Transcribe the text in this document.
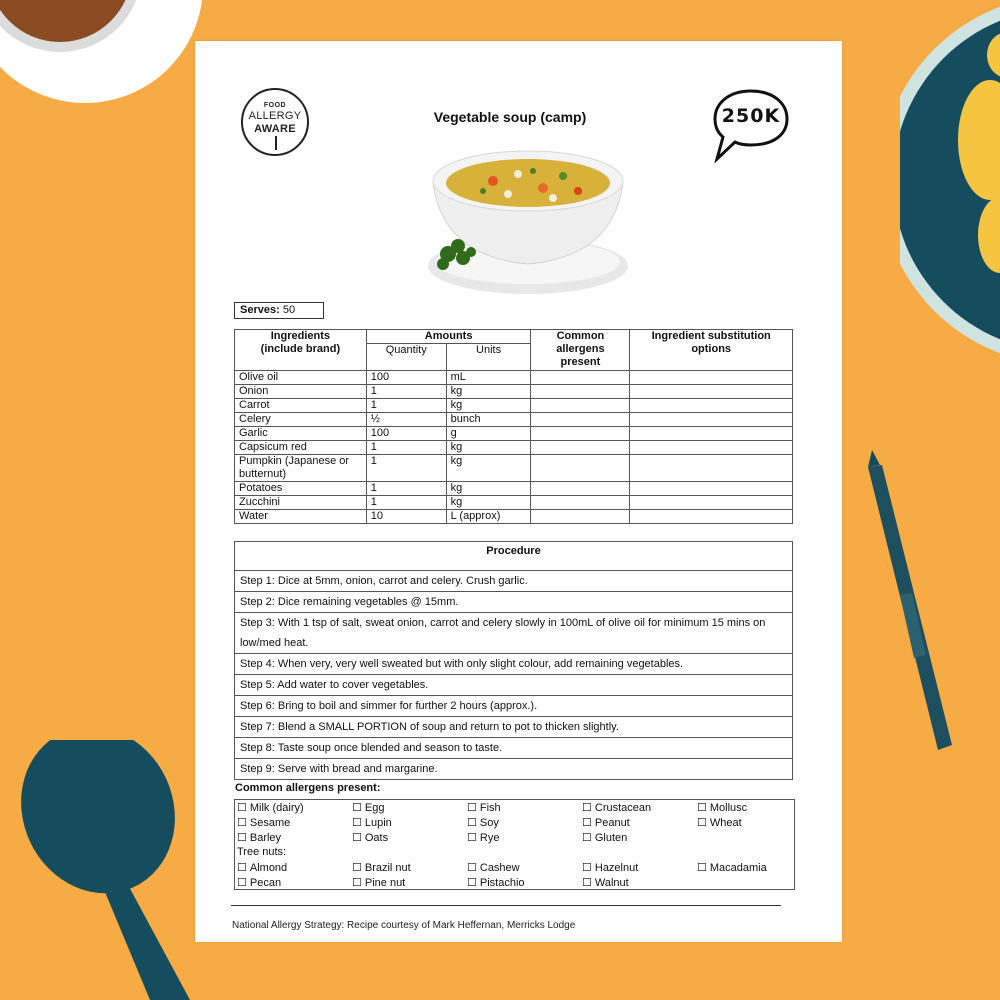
FOOD
ALLERGY
AWARE
Vegetable soup (camp)	250K
Serves: 50
Ingredients (include brand)	Amounts		Common allergens present	Ingredient substitution options
	Quantity	Units		
Olive oil	100	mL		
Onion	1	kg		
Carrot	1	kg		
Celery	½	bunch		
Garlic	100	g		
Capsicum red	1	kg		
Pumpkin (Japanese or butternut)	1	kg		
Potatoes	1	kg		
Zucchini	1	kg		
Water	10	L (approx)		
Procedure
Step 1: Dice at 5mm, onion, carrot and celery. Crush garlic.
Step 2: Dice remaining vegetables @ 15mm.
Step 3: With 1 tsp of salt, sweat onion, carrot and celery slowly in 100mL of olive oil for minimum 15 mins on low/med heat.
Step 4: When very, very well sweated but with only slight colour, add remaining vegetables.
Step 5: Add water to cover vegetables.
Step 6: Bring to boil and simmer for further 2 hours (approx.).
Step 7: Blend a SMALL PORTION of soup and return to pot to thicken slightly.
Step 8: Taste soup once blended and season to taste.
Step 9: Serve with bread and margarine.
Common allergens present:
☐ Milk (dairy)	☐ Egg	☐ Fish	☐ Crustacean	☐ Mollusc
☐ Sesame	☐ Lupin	☐ Soy	☐ Peanut	☐ Wheat
☐ Barley	☐ Oats	☐ Rye	☐ Gluten
☐ Almond	☐ Brazil nut	☐ Cashew	☐ Hazelnut	☐ Macadamia
☐ Pecan	☐ Pine nut	☐ Pistachio	☐ Walnut
Tree nuts:
National Allergy Strategy: Recipe courtesy of Mark Heffernan, Merricks Lodge
